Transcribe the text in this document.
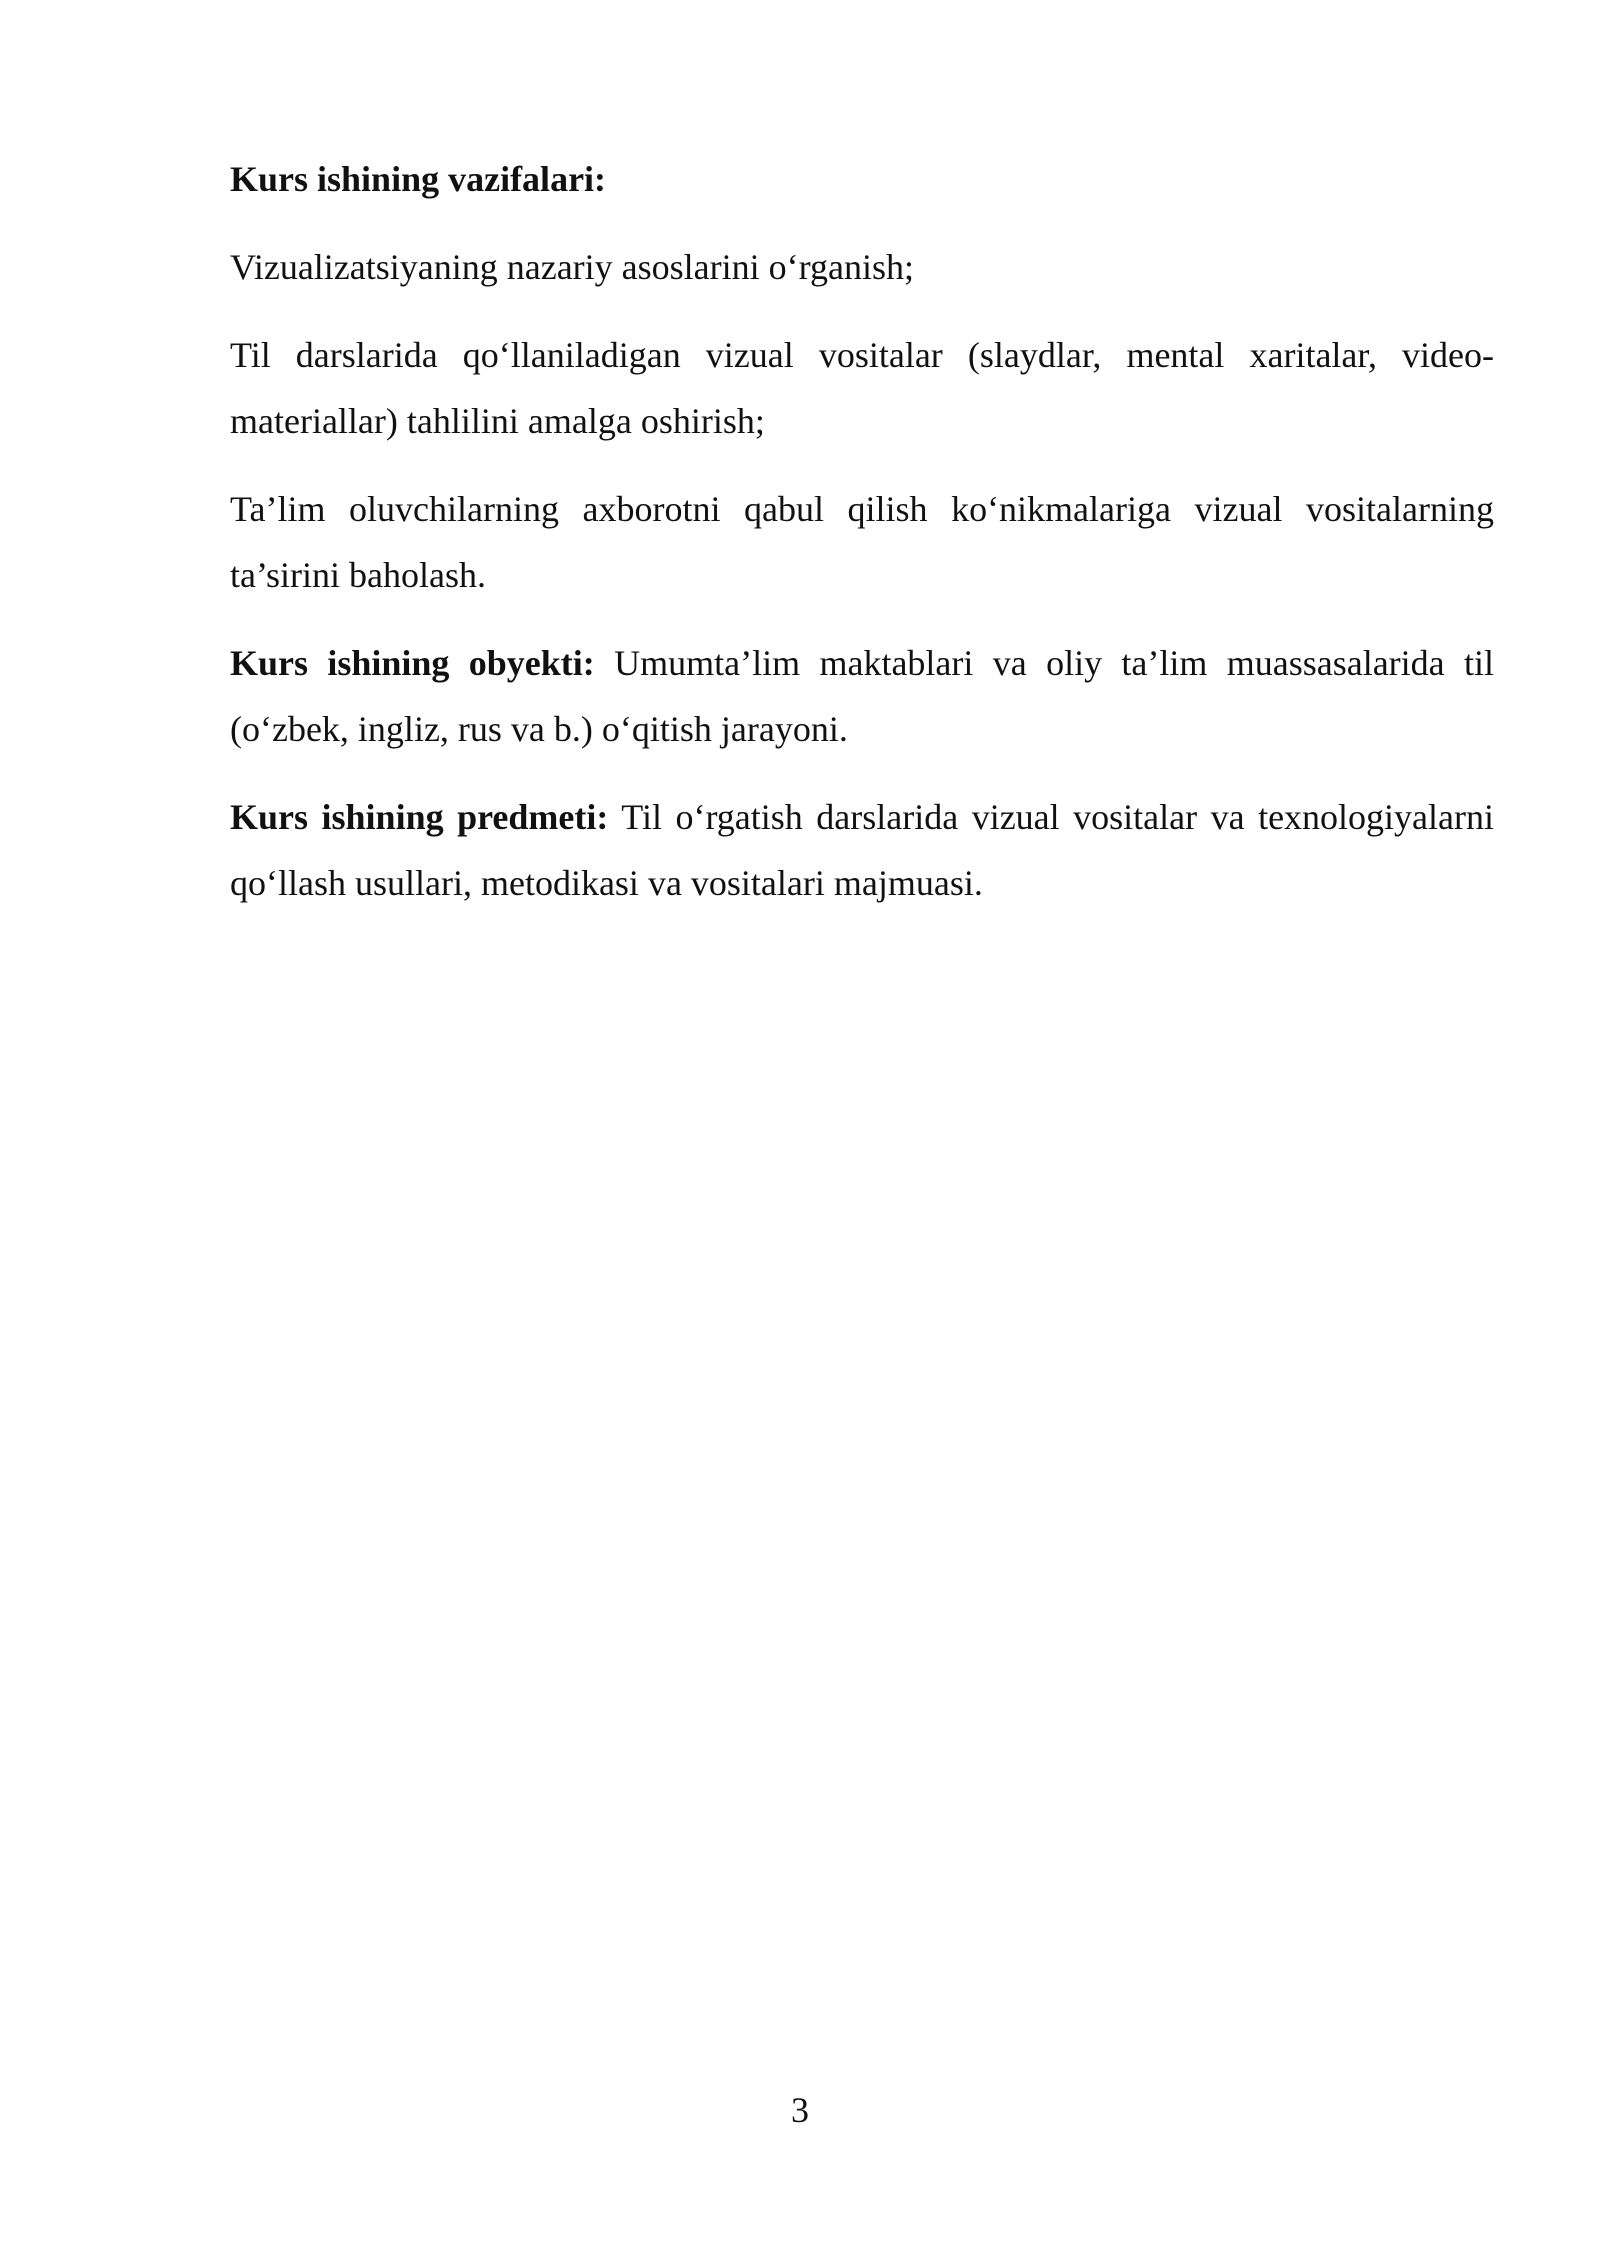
Kurs ishining vazifalari:

Vizualizatsiyaning nazariy asoslarini o‘rganish;

Til darslarida qo‘llaniladigan vizual vositalar (slaydlar, mental xaritalar, video-materiallar) tahlilini amalga oshirish;

Ta’lim oluvchilarning axborotni qabul qilish ko‘nikmalariga vizual vositalarning ta’sirini baholash.

Kurs ishining obyekti: Umumta’lim maktablari va oliy ta’lim muassasalarida til (o‘zbek, ingliz, rus va b.) o‘qitish jarayoni.

Kurs ishining predmeti: Til o‘rgatish darslarida vizual vositalar va texnologiyalarni qo‘llash usullari, metodikasi va vositalari majmuasi.

3
